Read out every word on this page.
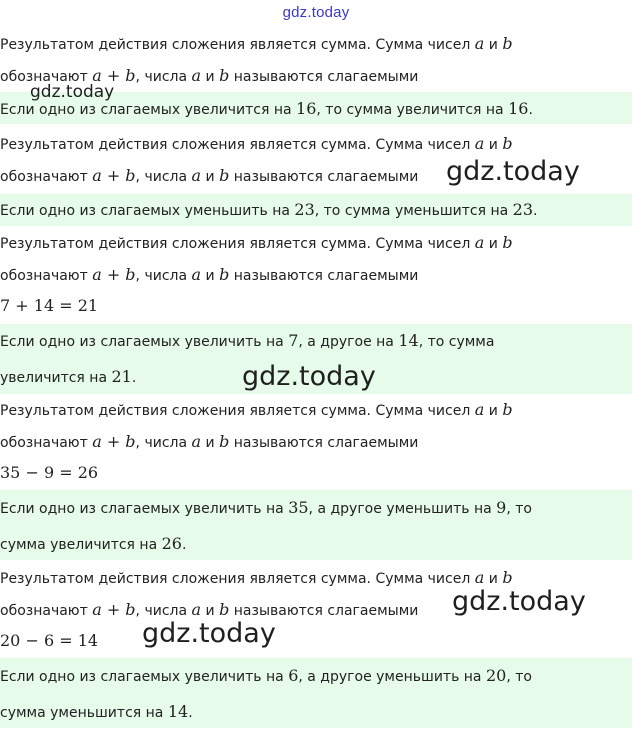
gdz.today
Результатом действия сложения является сумма. Сумма чисел a и b
обозначают a + b, числа a и b называются слагаемыми
Если одно из слагаемых увеличится на 16, то сумма увеличится на 16.
Результатом действия сложения является сумма. Сумма чисел a и b
обозначают a + b, числа a и b называются слагаемыми
Если одно из слагаемых уменьшить на 23, то сумма уменьшится на 23.
Результатом действия сложения является сумма. Сумма чисел a и b
обозначают a + b, числа a и b называются слагаемыми
7 + 14 = 21
Если одно из слагаемых увеличить на 7, а другое на 14, то сумма
увеличится на 21.
Результатом действия сложения является сумма. Сумма чисел a и b
обозначают a + b, числа a и b называются слагаемыми
35 − 9 = 26
Если одно из слагаемых увеличить на 35, а другое уменьшить на 9, то
сумма увеличится на 26.
Результатом действия сложения является сумма. Сумма чисел a и b
обозначают a + b, числа a и b называются слагаемыми
20 − 6 = 14
Если одно из слагаемых увеличить на 6, а другое уменьшить на 20, то
сумма уменьшится на 14.
gdz.today
gdz.today
gdz.today
gdz.today
gdz.today
